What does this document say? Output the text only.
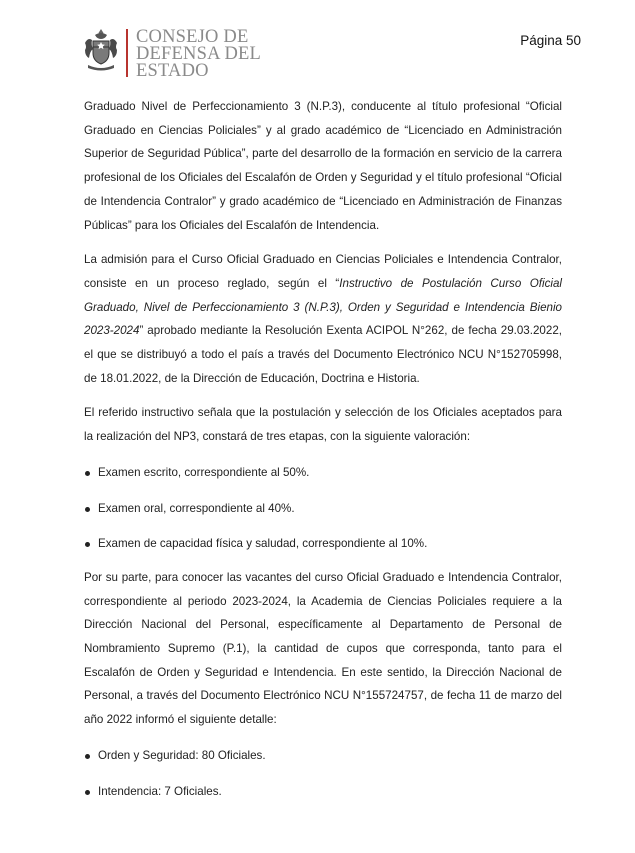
CONSEJO DE
DEFENSA DEL
ESTADO
Página 50

Graduado Nivel de Perfeccionamiento 3 (N.P.3), conducente al título profesional “Oficial Graduado en Ciencias Policiales” y al grado académico de “Licenciado en Administración Superior de Seguridad Pública”, parte del desarrollo de la formación en servicio de la carrera profesional de los Oficiales del Escalafón de Orden y Seguridad y el título profesional “Oficial de Intendencia Contralor” y grado académico de “Licenciado en Administración de Finanzas Públicas” para los Oficiales del Escalafón de Intendencia.

La admisión para el Curso Oficial Graduado en Ciencias Policiales e Intendencia Contralor, consiste en un proceso reglado, según el “Instructivo de Postulación Curso Oficial Graduado, Nivel de Perfeccionamiento 3 (N.P.3), Orden y Seguridad e Intendencia Bienio 2023-2024” aprobado mediante la Resolución Exenta ACIPOL N°262, de fecha 29.03.2022, el que se distribuyó a todo el país a través del Documento Electrónico NCU N°152705998, de 18.01.2022, de la Dirección de Educación, Doctrina e Historia.

El referido instructivo señala que la postulación y selección de los Oficiales aceptados para la realización del NP3, constará de tres etapas, con la siguiente valoración:

Examen escrito, correspondiente al 50%.

Examen oral, correspondiente al 40%.

Examen de capacidad física y saludad, correspondiente al 10%.

Por su parte, para conocer las vacantes del curso Oficial Graduado e Intendencia Contralor, correspondiente al periodo 2023-2024, la Academia de Ciencias Policiales requiere a la Dirección Nacional del Personal, específicamente al Departamento de Personal de Nombramiento Supremo (P.1), la cantidad de cupos que corresponda, tanto para el Escalafón de Orden y Seguridad e Intendencia. En este sentido, la Dirección Nacional de Personal, a través del Documento Electrónico NCU N°155724757, de fecha 11 de marzo del año 2022 informó el siguiente detalle:

Orden y Seguridad: 80 Oficiales.

Intendencia: 7 Oficiales.
